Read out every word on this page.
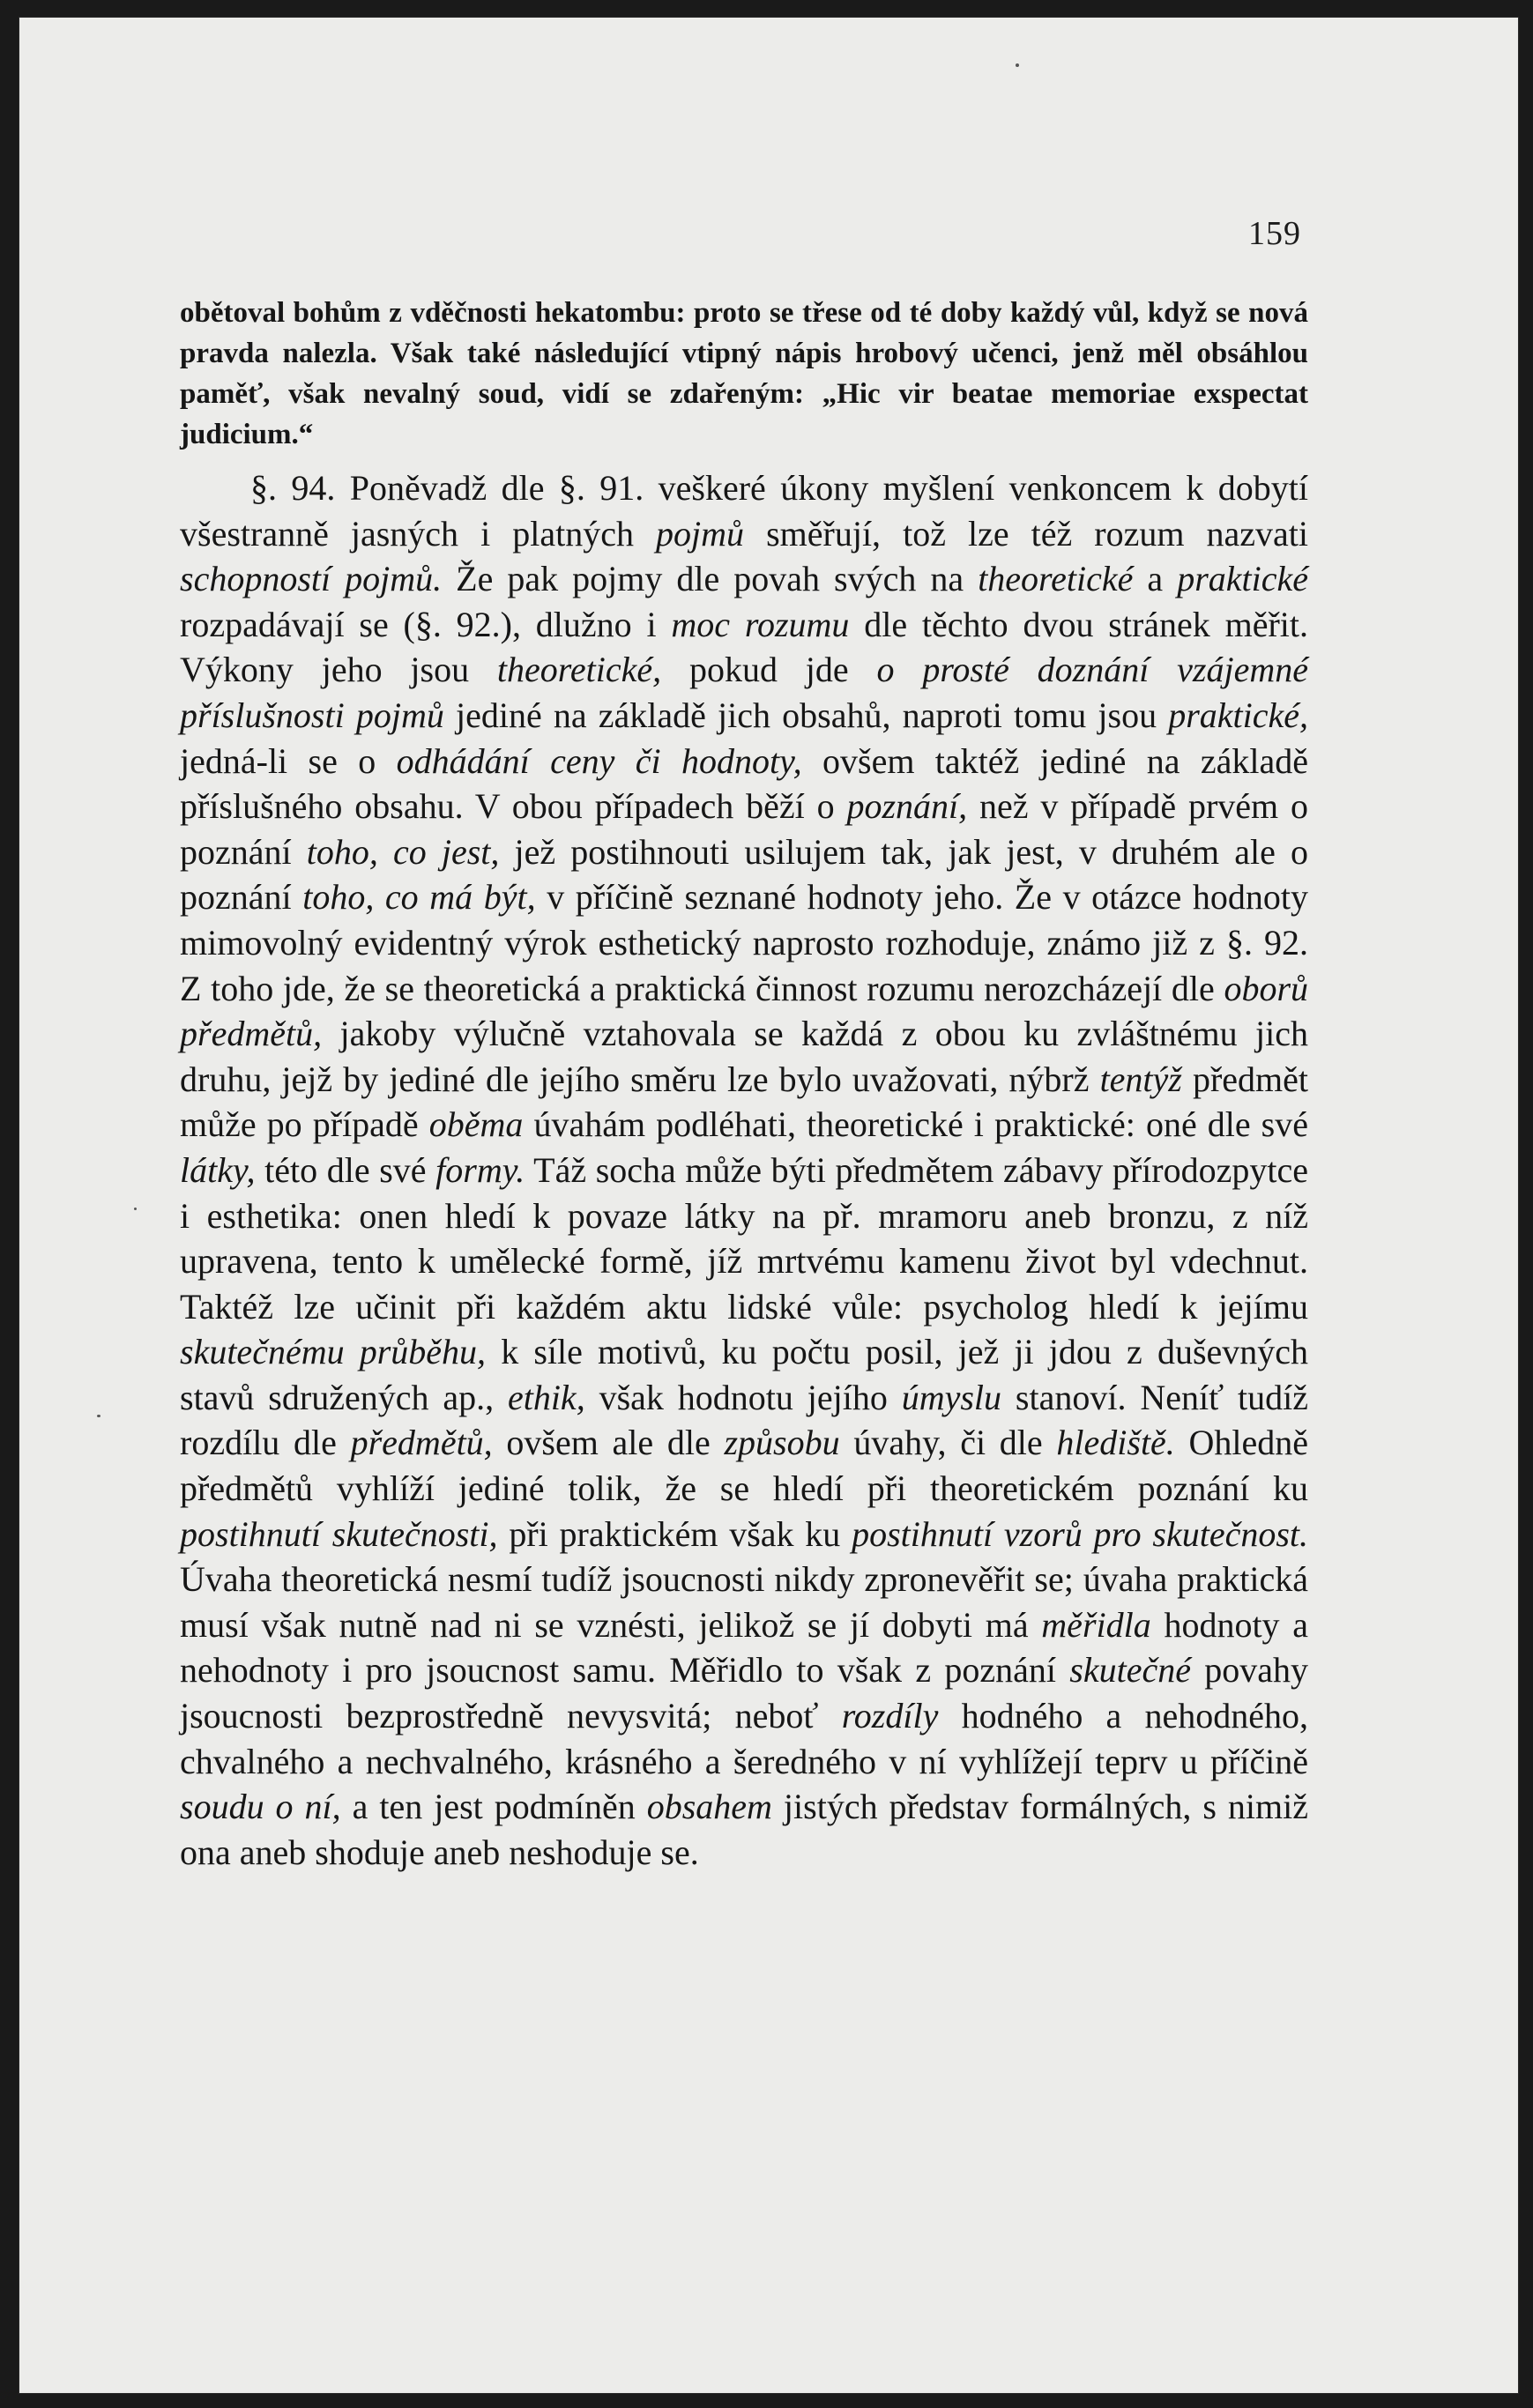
159

obětoval bohům z vděčnosti hekatombu: proto se třese od té doby každý vůl, když se nová pravda nalezla. Však také následující vtipný nápis hrobový učenci, jenž měl obsáhlou paměť, však nevalný soud, vidí se zdařeným: „Hic vir beatae memoriae exspectat judicium.“

§. 94. Poněvadž dle §. 91. veškeré úkony myšlení venkoncem k dobytí všestranně jasných i platných pojmů směřují, tož lze též rozum nazvati schopností pojmů. Že pak pojmy dle povah svých na theoretické a praktické rozpadávají se (§. 92.), dlužno i moc rozumu dle těchto dvou stránek měřit. Výkony jeho jsou theoretické, pokud jde o prosté doznání vzájemné příslušnosti pojmů jediné na základě jich obsahů, naproti tomu jsou praktické, jedná-li se o odhádání ceny či hodnoty, ovšem taktéž jediné na základě příslušného obsahu. V obou případech běží o poznání, než v případě prvém o poznání toho, co jest, jež postihnouti usilujem tak, jak jest, v druhém ale o poznání toho, co má být, v příčině seznané hodnoty jeho. Že v otázce hodnoty mimovolný evidentný výrok esthetický naprosto rozhoduje, známo již z §. 92. Z toho jde, že se theoretická a praktická činnost rozumu nerozcházejí dle oborů předmětů, jakoby výlučně vztahovala se každá z obou ku zvláštnému jich druhu, jejž by jediné dle jejího směru lze bylo uvažovati, nýbrž tentýž předmět může po případě oběma úvahám podléhati, theoretické i praktické: oné dle své látky, této dle své formy. Táž socha může býti předmětem zábavy přírodozpytce i esthetika: onen hledí k povaze látky na př. mramoru aneb bronzu, z níž upravena, tento k umělecké formě, jíž mrtvému kamenu život byl vdechnut. Taktéž lze učinit při každém aktu lidské vůle: psycholog hledí k jejímu skutečnému průběhu, k síle motivů, ku počtu posil, jež ji jdou z duševných stavů sdružených ap., ethik, však hodnotu jejího úmyslu stanoví. Neníť tudíž rozdílu dle předmětů, ovšem ale dle způsobu úvahy, či dle hlediště. Ohledně předmětů vyhlíží jediné tolik, že se hledí při theoretickém poznání ku postihnutí skutečnosti, při praktickém však ku postihnutí vzorů pro skutečnost. Úvaha theoretická nesmí tudíž jsoucnosti nikdy zpronevěřit se; úvaha praktická musí však nutně nad ni se vznésti, jelikož se jí dobyti má měřidla hodnoty a nehodnoty i pro jsoucnost samu. Měřidlo to však z poznání skutečné povahy jsoucnosti bezprostředně nevysvitá; neboť rozdíly hodného a nehodného, chvalného a nechvalného, krásného a šeredného v ní vyhlížejí teprv u příčině soudu o ní, a ten jest podmíněn obsahem jistých představ formálných, s nimiž ona aneb shoduje aneb neshoduje se.
